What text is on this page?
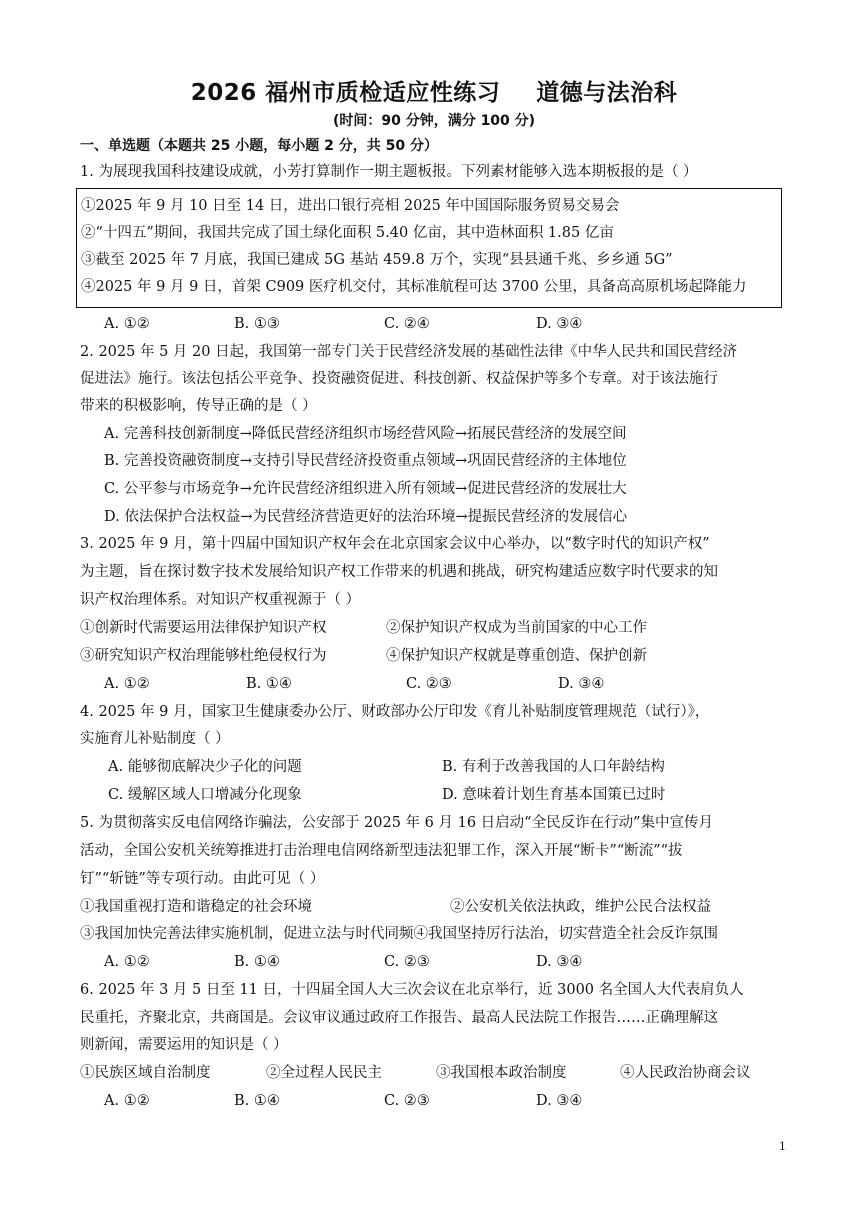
2026 福州市质检适应性练习 道德与法治科
(时间：90 分钟，满分 100 分)
一、单选题（本题共 25 小题，每小题 2 分，共 50 分）
1. 为展现我国科技建设成就，小芳打算制作一期主题板报。下列素材能够入选本期板报的是（ ）
①2025 年 9 月 10 日至 14 日，进出口银行亮相 2025 年中国国际服务贸易交易会
②“十四五”期间，我国共完成了国土绿化面积 5.40 亿亩，其中造林面积 1.85 亿亩
③截至 2025 年 7 月底，我国已建成 5G 基站 459.8 万个，实现“县县通千兆、乡乡通 5G”
④2025 年 9 月 9 日，首架 C909 医疗机交付，其标准航程可达 3700 公里，具备高高原机场起降能力
A. ①②	B. ①③	C. ②④	D. ③④
2. 2025 年 5 月 20 日起，我国第一部专门关于民营经济发展的基础性法律《中华人民共和国民营经济
促进法》施行。该法包括公平竞争、投资融资促进、科技创新、权益保护等多个专章。对于该法施行
带来的积极影响，传导正确的是（ ）
A. 完善科技创新制度→降低民营经济组织市场经营风险→拓展民营经济的发展空间
B. 完善投资融资制度→支持引导民营经济投资重点领域→巩固民营经济的主体地位
C. 公平参与市场竞争→允许民营经济组织进入所有领域→促进民营经济的发展壮大
D. 依法保护合法权益→为民营经济营造更好的法治环境→提振民营经济的发展信心
3. 2025 年 9 月，第十四届中国知识产权年会在北京国家会议中心举办，以“数字时代的知识产权”
为主题，旨在探讨数字技术发展给知识产权工作带来的机遇和挑战，研究构建适应数字时代要求的知
识产权治理体系。对知识产权重视源于（ ）
①创新时代需要运用法律保护知识产权	②保护知识产权成为当前国家的中心工作
③研究知识产权治理能够杜绝侵权行为	④保护知识产权就是尊重创造、保护创新
A. ①②	B. ①④	C. ②③	D. ③④
4. 2025 年 9 月，国家卫生健康委办公厅、财政部办公厅印发《育儿补贴制度管理规范（试行）》，
实施育儿补贴制度（ ）
A. 能够彻底解决少子化的问题	B. 有利于改善我国的人口年龄结构
C. 缓解区域人口增减分化现象	D. 意味着计划生育基本国策已过时
5. 为贯彻落实反电信网络诈骗法，公安部于 2025 年 6 月 16 日启动“全民反诈在行动”集中宣传月
活动，全国公安机关统筹推进打击治理电信网络新型违法犯罪工作，深入开展“断卡”“断流”“拔
钉”“斩链”等专项行动。由此可见（ ）
①我国重视打造和谐稳定的社会环境	②公安机关依法执政，维护公民合法权益
③我国加快完善法律实施机制，促进立法与时代同频④我国坚持厉行法治，切实营造全社会反诈氛围
A. ①②	B. ①④	C. ②③	D. ③④
6. 2025 年 3 月 5 日至 11 日，十四届全国人大三次会议在北京举行，近 3000 名全国人大代表肩负人
民重托，齐聚北京，共商国是。会议审议通过政府工作报告、最高人民法院工作报告……正确理解这
则新闻，需要运用的知识是（ ）
①民族区域自治制度	②全过程人民民主	③我国根本政治制度	④人民政治协商会议
A. ①②	B. ①④	C. ②③	D. ③④
1
